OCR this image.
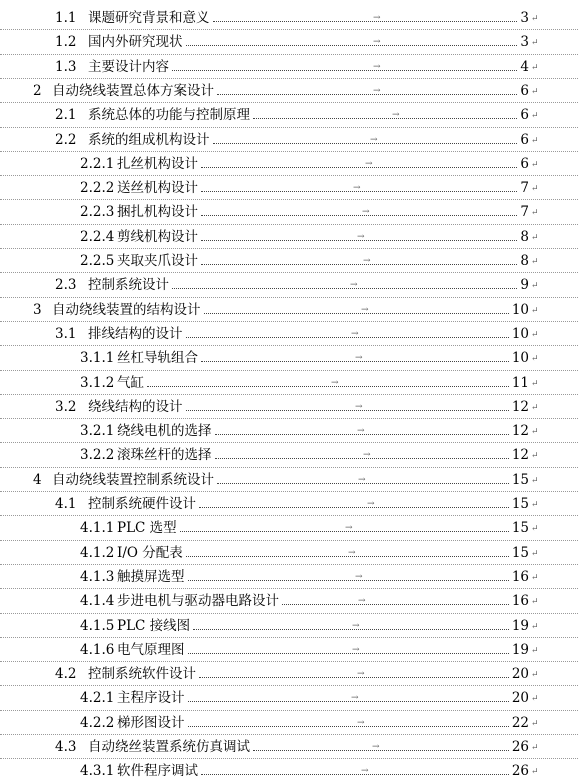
1.1 课题研究背景和意义	→	3 ↵
1.2 国内外研究现状	→	3 ↵
1.3 主要设计内容	→	4 ↵
2 自动绕线装置总体方案设计	→	6 ↵
2.1 系统总体的功能与控制原理	→	6 ↵
2.2 系统的组成机构设计	→	6 ↵
2.2.1 扎丝机构设计	→	6 ↵
2.2.2 送丝机构设计	→	7 ↵
2.2.3 捆扎机构设计	→	7 ↵
2.2.4 剪线机构设计	→	8 ↵
2.2.5 夹取夹爪设计	→	8 ↵
2.3 控制系统设计	→	9 ↵
3 自动绕线装置的结构设计	→	10 ↵
3.1 排线结构的设计	→	10 ↵
3.1.1 丝杠导轨组合	→	10 ↵
3.1.2 气缸	→	11 ↵
3.2 绕线结构的设计	→	12 ↵
3.2.1 绕线电机的选择	→	12 ↵
3.2.2 滚珠丝杆的选择	→	12 ↵
4 自动绕线装置控制系统设计	→	15 ↵
4.1 控制系统硬件设计	→	15 ↵
4.1.1 PLC 选型	→	15 ↵
4.1.2 I/O 分配表	→	15 ↵
4.1.3 触摸屏选型	→	16 ↵
4.1.4 步进电机与驱动器电路设计	→	16 ↵
4.1.5 PLC 接线图	→	19 ↵
4.1.6 电气原理图	→	19 ↵
4.2 控制系统软件设计	→	20 ↵
4.2.1 主程序设计	→	20 ↵
4.2.2 梯形图设计	→	22 ↵
4.3 自动绕丝装置系统仿真调试	→	26 ↵
4.3.1 软件程序调试	→	26 ↵
